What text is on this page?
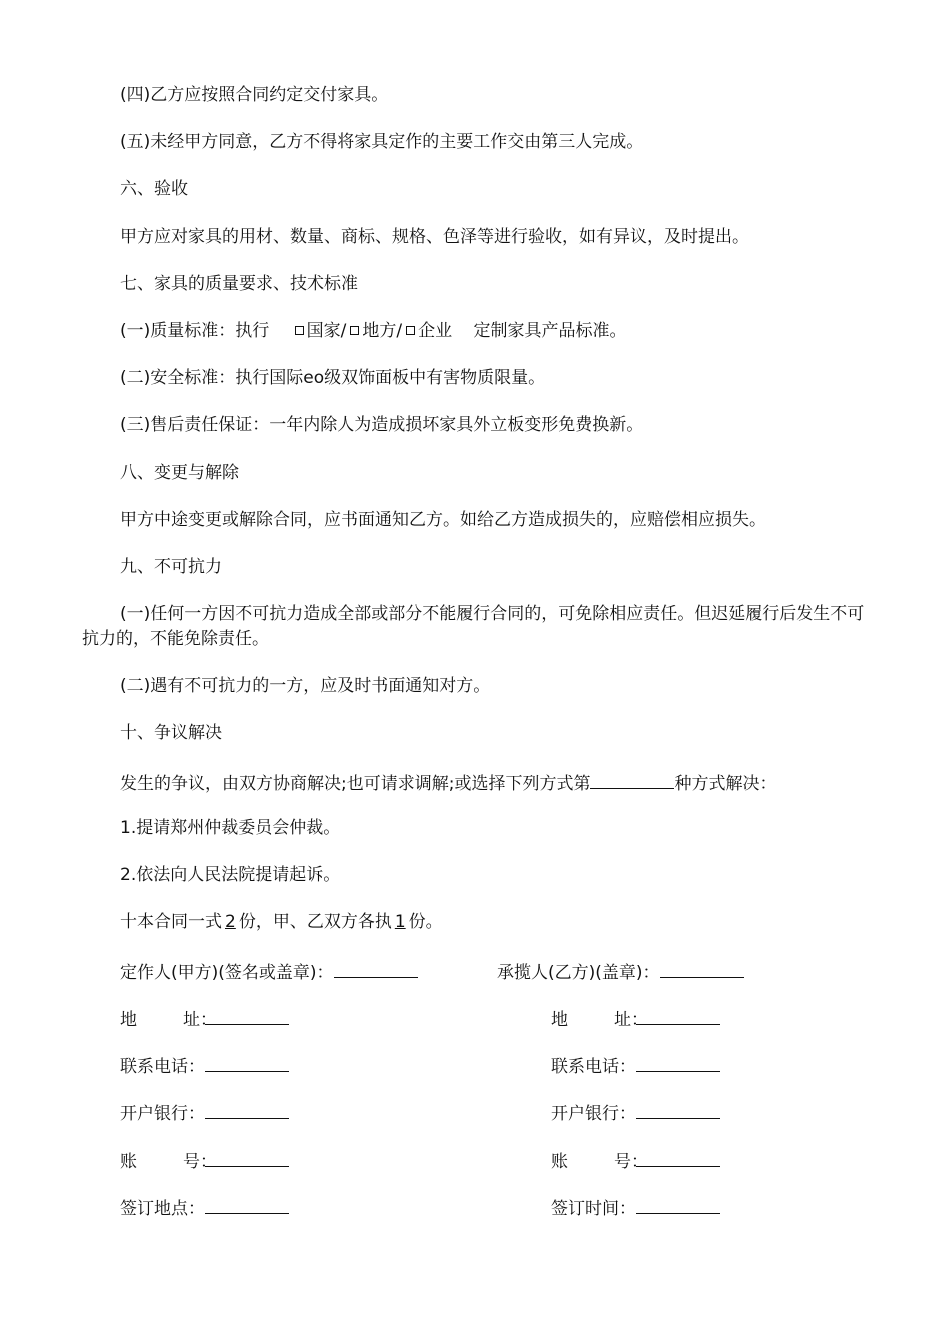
(四)乙方应按照合同约定交付家具。
(五)未经甲方同意，乙方不得将家具定作的主要工作交由第三人完成。
六、验收
甲方应对家具的用材、数量、商标、规格、色泽等进行验收，如有异议，及时提出。
七、家具的质量要求、技术标准
(一)质量标准：执行 国家/ 地方/ 企业 定制家具产品标准。
(二)安全标准：执行国际eo级双饰面板中有害物质限量。
(三)售后责任保证：一年内除人为造成损坏家具外立板变形免费换新。
八、变更与解除
甲方中途变更或解除合同，应书面通知乙方。如给乙方造成损失的，应赔偿相应损失。
九、不可抗力
(一)任何一方因不可抗力造成全部或部分不能履行合同的，可免除相应责任。但迟延履行后发生不可抗力的，不能免除责任。
(二)遇有不可抗力的一方，应及时书面通知对方。
十、争议解决
发生的争议，由双方协商解决;也可请求调解;或选择下列方式第	种方式解决：
1.提请郑州仲裁委员会仲裁。
2.依法向人民法院提请起诉。
十本合同一式 2 份，甲、乙双方各执 1 份。
定作人(甲方)(签名或盖章)：	承揽人(乙方)(盖章)：
地	址：	地	址：
联系电话：	联系电话：
开户银行：	开户银行：
账	号：	账	号：
签订地点：	签订时间：
